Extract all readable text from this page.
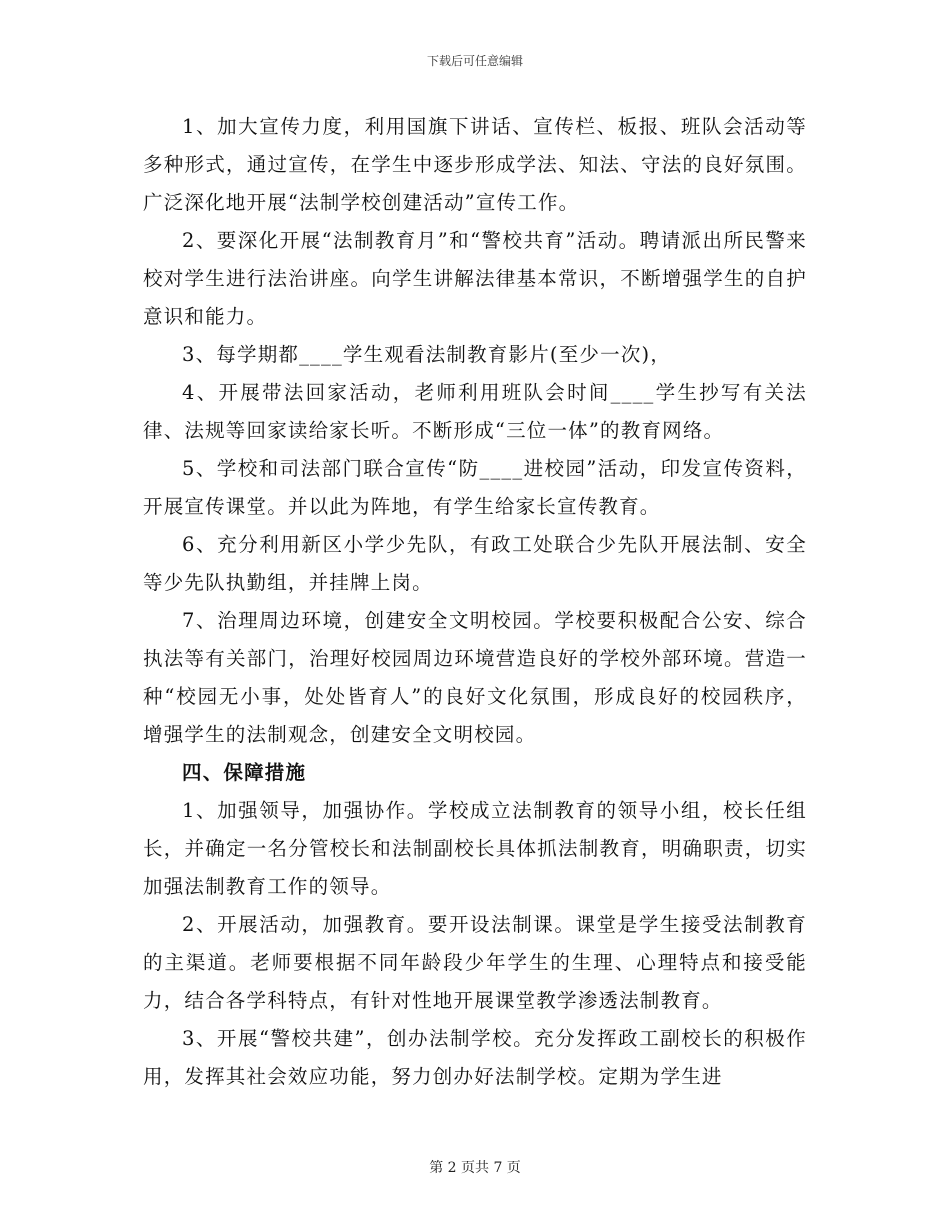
下载后可任意编辑

1、加大宣传力度，利用国旗下讲话、宣传栏、板报、班队会活动等多种形式，通过宣传，在学生中逐步形成学法、知法、守法的良好氛围。广泛深化地开展“法制学校创建活动”宣传工作。

2、要深化开展“法制教育月”和“警校共育”活动。聘请派出所民警来校对学生进行法治讲座。向学生讲解法律基本常识，不断增强学生的自护意识和能力。

3、每学期都____学生观看法制教育影片(至少一次)，

4、开展带法回家活动，老师利用班队会时间____学生抄写有关法律、法规等回家读给家长听。不断形成“三位一体”的教育网络。

5、学校和司法部门联合宣传“防____进校园”活动，印发宣传资料，开展宣传课堂。并以此为阵地，有学生给家长宣传教育。

6、充分利用新区小学少先队，有政工处联合少先队开展法制、安全等少先队执勤组，并挂牌上岗。

7、治理周边环境，创建安全文明校园。学校要积极配合公安、综合执法等有关部门，治理好校园周边环境营造良好的学校外部环境。营造一种“校园无小事，处处皆育人”的良好文化氛围，形成良好的校园秩序，增强学生的法制观念，创建安全文明校园。

四、保障措施

1、加强领导，加强协作。学校成立法制教育的领导小组，校长任组长，并确定一名分管校长和法制副校长具体抓法制教育，明确职责，切实加强法制教育工作的领导。

2、开展活动，加强教育。要开设法制课。课堂是学生接受法制教育的主渠道。老师要根据不同年龄段少年学生的生理、心理特点和接受能力，结合各学科特点，有针对性地开展课堂教学渗透法制教育。

3、开展“警校共建”，创办法制学校。充分发挥政工副校长的积极作用，发挥其社会效应功能，努力创办好法制学校。定期为学生进

第 2 页共 7 页
